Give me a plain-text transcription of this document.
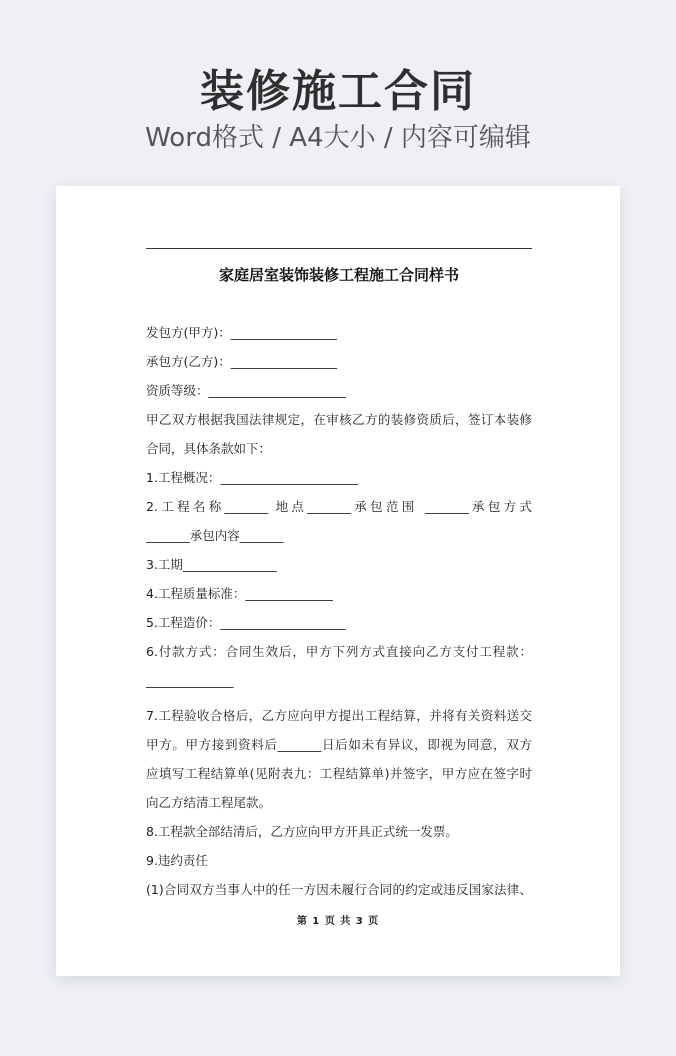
装修施工合同
Word格式 / A4大小 / 内容可编辑
家庭居室装饰装修工程施工合同样书
发包方(甲方)：_________________
承包方(乙方)：_________________
资质等级：______________________
甲乙双方根据我国法律规定，在审核乙方的装修资质后，签订本装修
合同，具体条款如下：
1.工程概况：______________________
2.工程名称_______ 地点_______承包范围 _______承包方式
_______承包内容_______
3.工期_______________
4.工程质量标准：______________
5.工程造价：____________________
6.付款方式：合同生效后，甲方下列方式直接向乙方支付工程款：
______________
7.工程验收合格后，乙方应向甲方提出工程结算，并将有关资料送交
甲方。甲方接到资料后_______日后如未有异议，即视为同意，双方
应填写工程结算单(见附表九：工程结算单)并签字，甲方应在签字时
向乙方结清工程尾款。
8.工程款全部结清后，乙方应向甲方开具正式统一发票。
9.违约责任
(1)合同双方当事人中的任一方因未履行合同的约定或违反国家法律、
第 1 页 共 3 页
